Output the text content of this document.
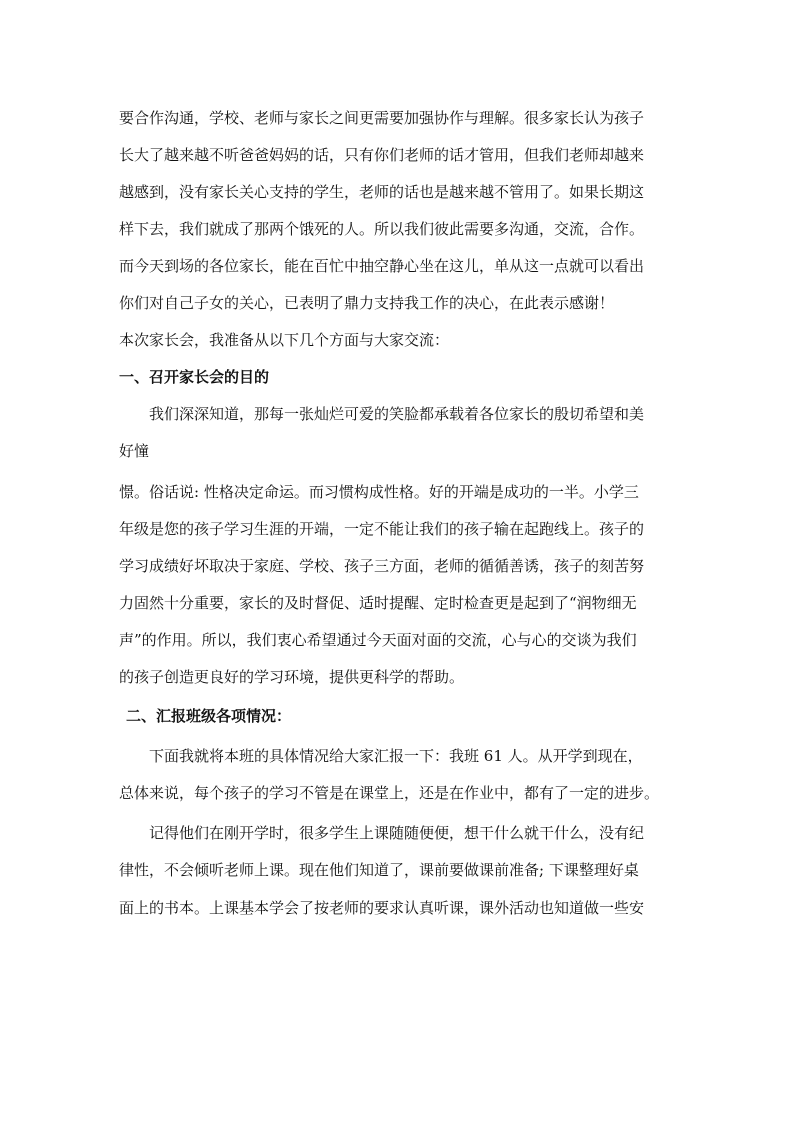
要合作沟通，学校、老师与家长之间更需要加强协作与理解。很多家长认为孩子
长大了越来越不听爸爸妈妈的话，只有你们老师的话才管用，但我们老师却越来
越感到，没有家长关心支持的学生，老师的话也是越来越不管用了。如果长期这
样下去，我们就成了那两个饿死的人。所以我们彼此需要多沟通，交流，合作。
而今天到场的各位家长，能在百忙中抽空静心坐在这儿，单从这一点就可以看出
你们对自己子女的关心，已表明了鼎力支持我工作的决心，在此表示感谢！
本次家长会，我准备从以下几个方面与大家交流：
一、召开家长会的目的
我们深深知道，那每一张灿烂可爱的笑脸都承载着各位家长的殷切希望和美
好憧
憬。俗话说: 性格决定命运。而习惯构成性格。好的开端是成功的一半。小学三
年级是您的孩子学习生涯的开端，一定不能让我们的孩子输在起跑线上。孩子的
学习成绩好坏取决于家庭、学校、孩子三方面，老师的循循善诱，孩子的刻苦努
力固然十分重要，家长的及时督促、适时提醒、定时检查更是起到了“润物细无
声”的作用。所以，我们衷心希望通过今天面对面的交流，心与心的交谈为我们
的孩子创造更良好的学习环境，提供更科学的帮助。
二、汇报班级各项情况：
下面我就将本班的具体情况给大家汇报一下：我班 61 人。从开学到现在，
总体来说，每个孩子的学习不管是在课堂上，还是在作业中，都有了一定的进步。
记得他们在刚开学时，很多学生上课随随便便，想干什么就干什么，没有纪
律性，不会倾听老师上课。现在他们知道了，课前要做课前准备; 下课整理好桌
面上的书本。上课基本学会了按老师的要求认真听课，课外活动也知道做一些安
